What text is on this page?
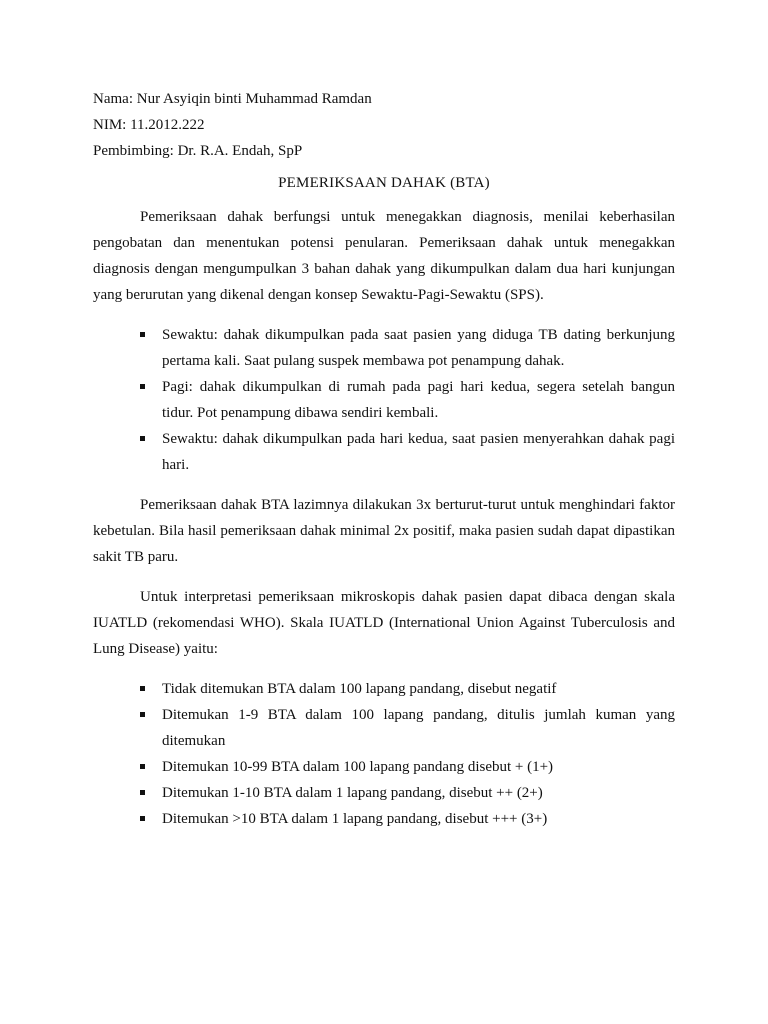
Nama: Nur Asyiqin binti Muhammad Ramdan

NIM: 11.2012.222

Pembimbing: Dr. R.A. Endah, SpP

PEMERIKSAAN DAHAK (BTA)

Pemeriksaan dahak berfungsi untuk menegakkan diagnosis, menilai keberhasilan pengobatan dan menentukan potensi penularan. Pemeriksaan dahak untuk menegakkan diagnosis dengan mengumpulkan 3 bahan dahak yang dikumpulkan dalam dua hari kunjungan yang berurutan yang dikenal dengan konsep Sewaktu-Pagi-Sewaktu (SPS).

Sewaktu: dahak dikumpulkan pada saat pasien yang diduga TB dating berkunjung pertama kali. Saat pulang suspek membawa pot penampung dahak.
Pagi: dahak dikumpulkan di rumah pada pagi hari kedua, segera setelah bangun tidur. Pot penampung dibawa sendiri kembali.
Sewaktu: dahak dikumpulkan pada hari kedua, saat pasien menyerahkan dahak pagi hari.

Pemeriksaan dahak BTA lazimnya dilakukan 3x berturut-turut untuk menghindari faktor kebetulan. Bila hasil pemeriksaan dahak minimal 2x positif, maka pasien sudah dapat dipastikan sakit TB paru.

Untuk interpretasi pemeriksaan mikroskopis dahak pasien dapat dibaca dengan skala IUATLD (rekomendasi WHO). Skala IUATLD (International Union Against Tuberculosis and Lung Disease) yaitu:

Tidak ditemukan BTA dalam 100 lapang pandang, disebut negatif
Ditemukan 1-9 BTA dalam 100 lapang pandang, ditulis jumlah kuman yang ditemukan
Ditemukan 10-99 BTA dalam 100 lapang pandang disebut + (1+)
Ditemukan 1-10 BTA dalam 1 lapang pandang, disebut ++ (2+)
Ditemukan >10 BTA dalam 1 lapang pandang, disebut +++ (3+)
